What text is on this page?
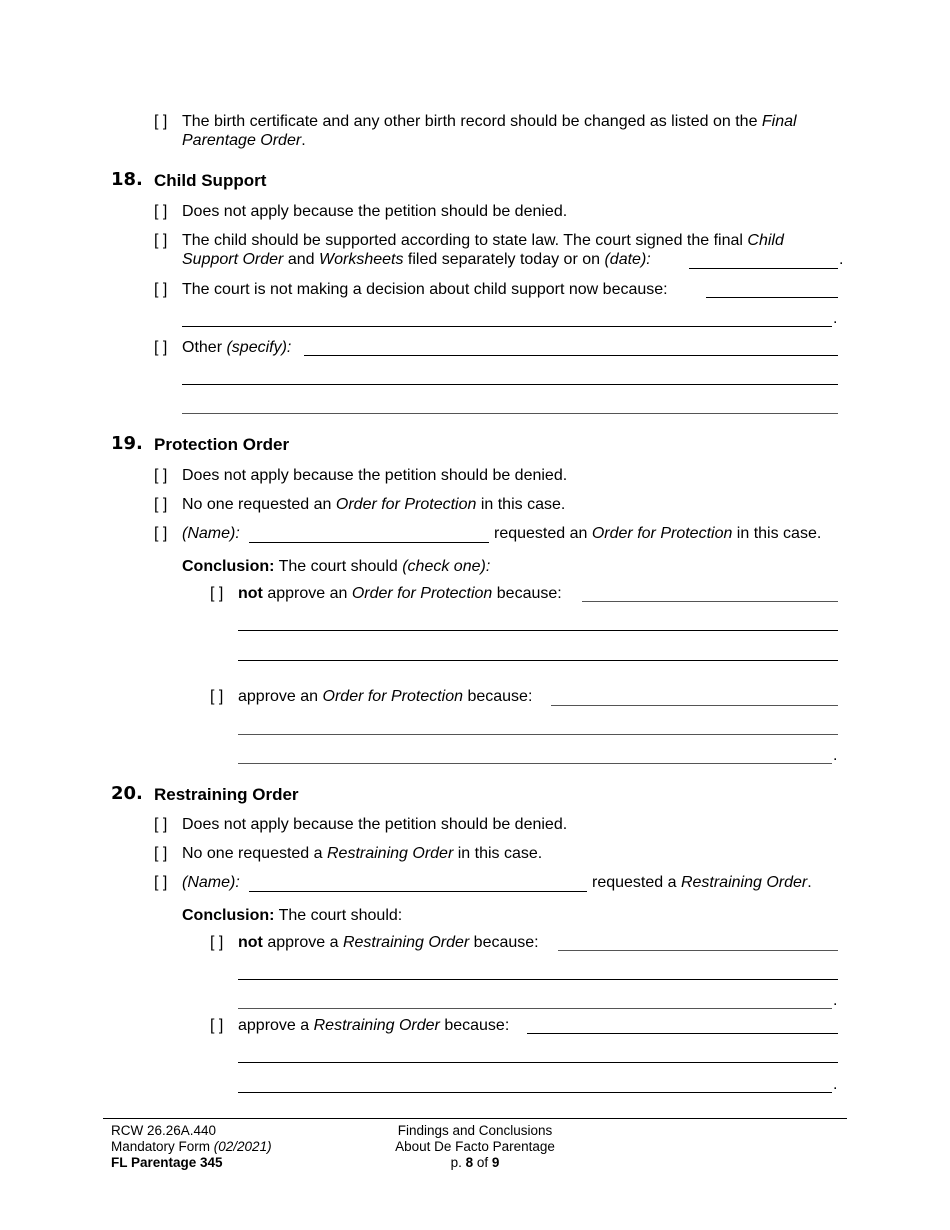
[ ] The birth certificate and any other birth record should be changed as listed on the Final
Parentage Order.
18. Child Support
[ ] Does not apply because the petition should be denied.
[ ] The child should be supported according to state law. The court signed the final Child
Support Order and Worksheets filed separately today or on (date):	.
[ ] The court is not making a decision about child support now because:
.
[ ] Other (specify):
19. Protection Order
[ ] Does not apply because the petition should be denied.
[ ] No one requested an Order for Protection in this case.
[ ] (Name):	requested an Order for Protection in this case.
Conclusion: The court should (check one):
[ ] not approve an Order for Protection because:
[ ] approve an Order for Protection because:
.
20. Restraining Order
[ ] Does not apply because the petition should be denied.
[ ] No one requested a Restraining Order in this case.
[ ] (Name):	requested a Restraining Order.
Conclusion: The court should:
[ ] not approve a Restraining Order because:
.
[ ] approve a Restraining Order because:
.
RCW 26.26A.440
Mandatory Form (02/2021)
FL Parentage 345
Findings and Conclusions
About De Facto Parentage
p. 8 of 9
